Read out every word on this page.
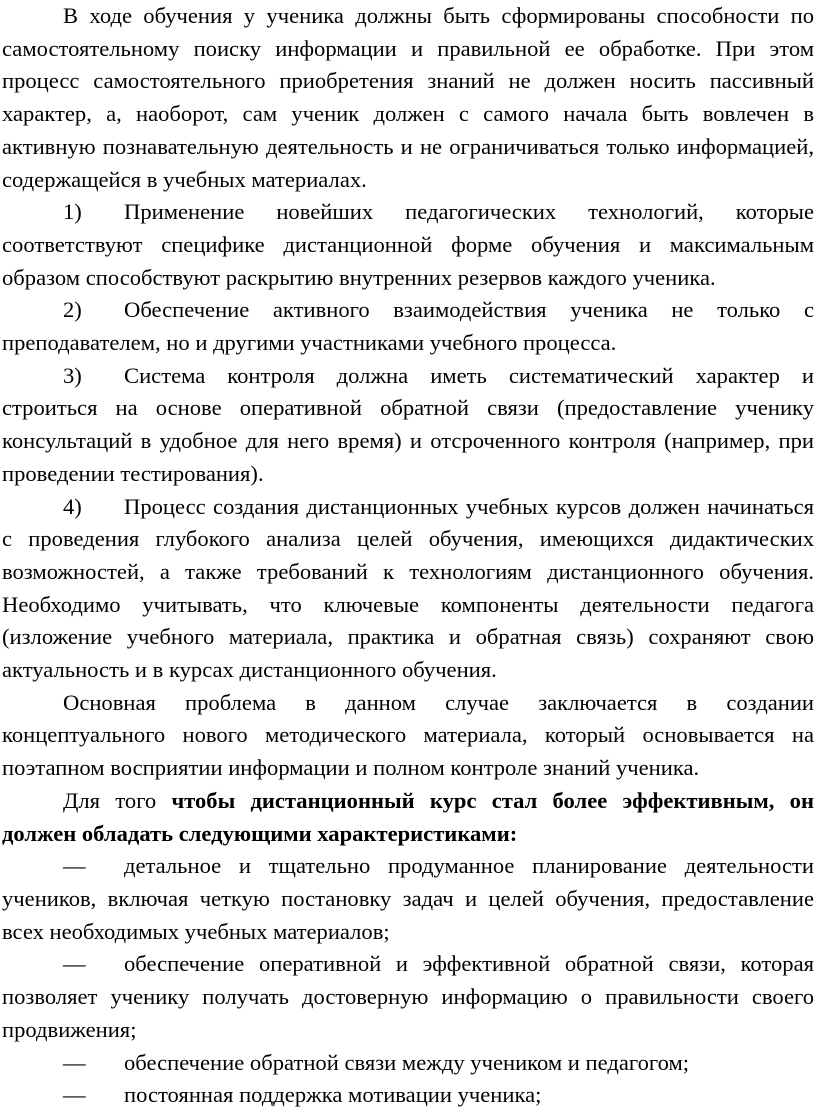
В ходе обучения у ученика должны быть сформированы способности по самостоятельному поиску информации и правильной ее обработке. При этом процесс самостоятельного приобретения знаний не должен носить пассивный характер, а, наоборот, сам ученик должен с самого начала быть вовлечен в активную познавательную деятельность и не ограничиваться только информацией, содержащейся в учебных материалах.

1) Применение новейших педагогических технологий, которые соответствуют специфике дистанционной форме обучения и максимальным образом способствуют раскрытию внутренних резервов каждого ученика.

2) Обеспечение активного взаимодействия ученика не только с преподавателем, но и другими участниками учебного процесса.

3) Система контроля должна иметь систематический характер и строиться на основе оперативной обратной связи (предоставление ученику консультаций в удобное для него время) и отсроченного контроля (например, при проведении тестирования).

4) Процесс создания дистанционных учебных курсов должен начинаться с проведения глубокого анализа целей обучения, имеющихся дидактических возможностей, а также требований к технологиям дистанционного обучения. Необходимо учитывать, что ключевые компоненты деятельности педагога (изложение учебного материала, практика и обратная связь) сохраняют свою актуальность и в курсах дистанционного обучения.

Основная проблема в данном случае заключается в создании концептуального нового методического материала, который основывается на поэтапном восприятии информации и полном контроле знаний ученика.

Для того чтобы дистанционный курс стал более эффективным, он должен обладать следующими характеристиками:

— детальное и тщательно продуманное планирование деятельности учеников, включая четкую постановку задач и целей обучения, предоставление всех необходимых учебных материалов;

— обеспечение оперативной и эффективной обратной связи, которая позволяет ученику получать достоверную информацию о правильности своего продвижения;

— обеспечение обратной связи между учеником и педагогом;

— постоянная поддержка мотивации ученика;
